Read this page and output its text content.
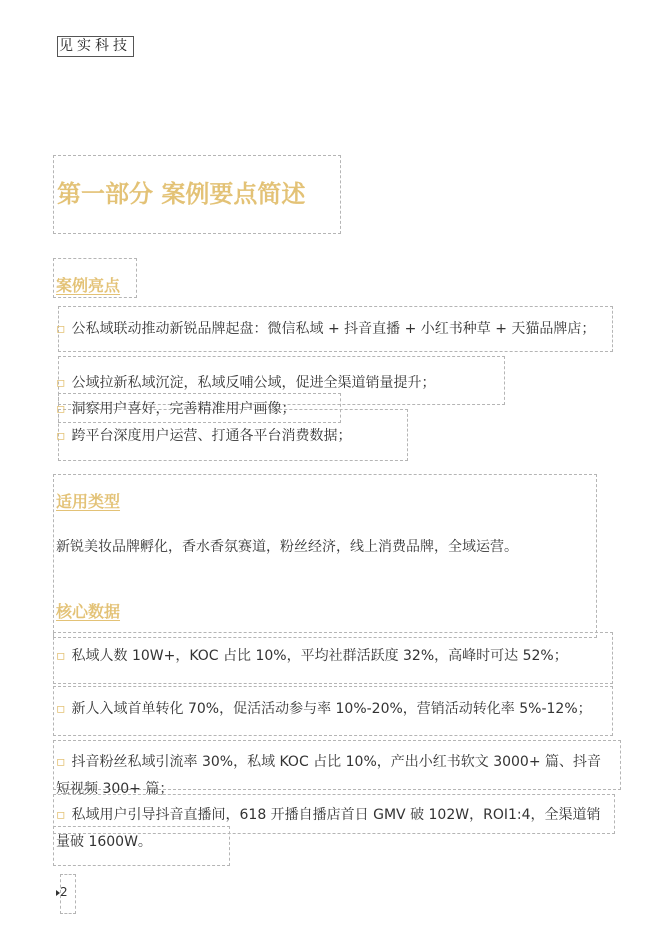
见实科技
第一部分 案例要点简述
案例亮点

▫ 公私域联动推动新锐品牌起盘：微信私域 + 抖音直播 + 小红书种草 + 天猫品牌店；

▫ 公域拉新私域沉淀，私域反哺公域，促进全渠道销量提升；

▫ 洞察用户喜好，完善精准用户画像；

▫ 跨平台深度用户运营、打通各平台消费数据；

适用类型

新锐美妆品牌孵化，香水香氛赛道，粉丝经济，线上消费品牌，全域运营。

核心数据

▫ 私域人数 10W+，KOC 占比 10%，平均社群活跃度 32%，高峰时可达 52%；

▫ 新人入域首单转化 70%，促活活动参与率 10%-20%，营销活动转化率 5%-12%；

▫ 抖音粉丝私域引流率 30%，私域 KOC 占比 10%，产出小红书软文 3000+ 篇、抖音短视频 300+ 篇；

▫ 私域用户引导抖音直播间，618 开播自播店首日 GMV 破 102W，ROI1:4，全渠道销量破 1600W。

2
